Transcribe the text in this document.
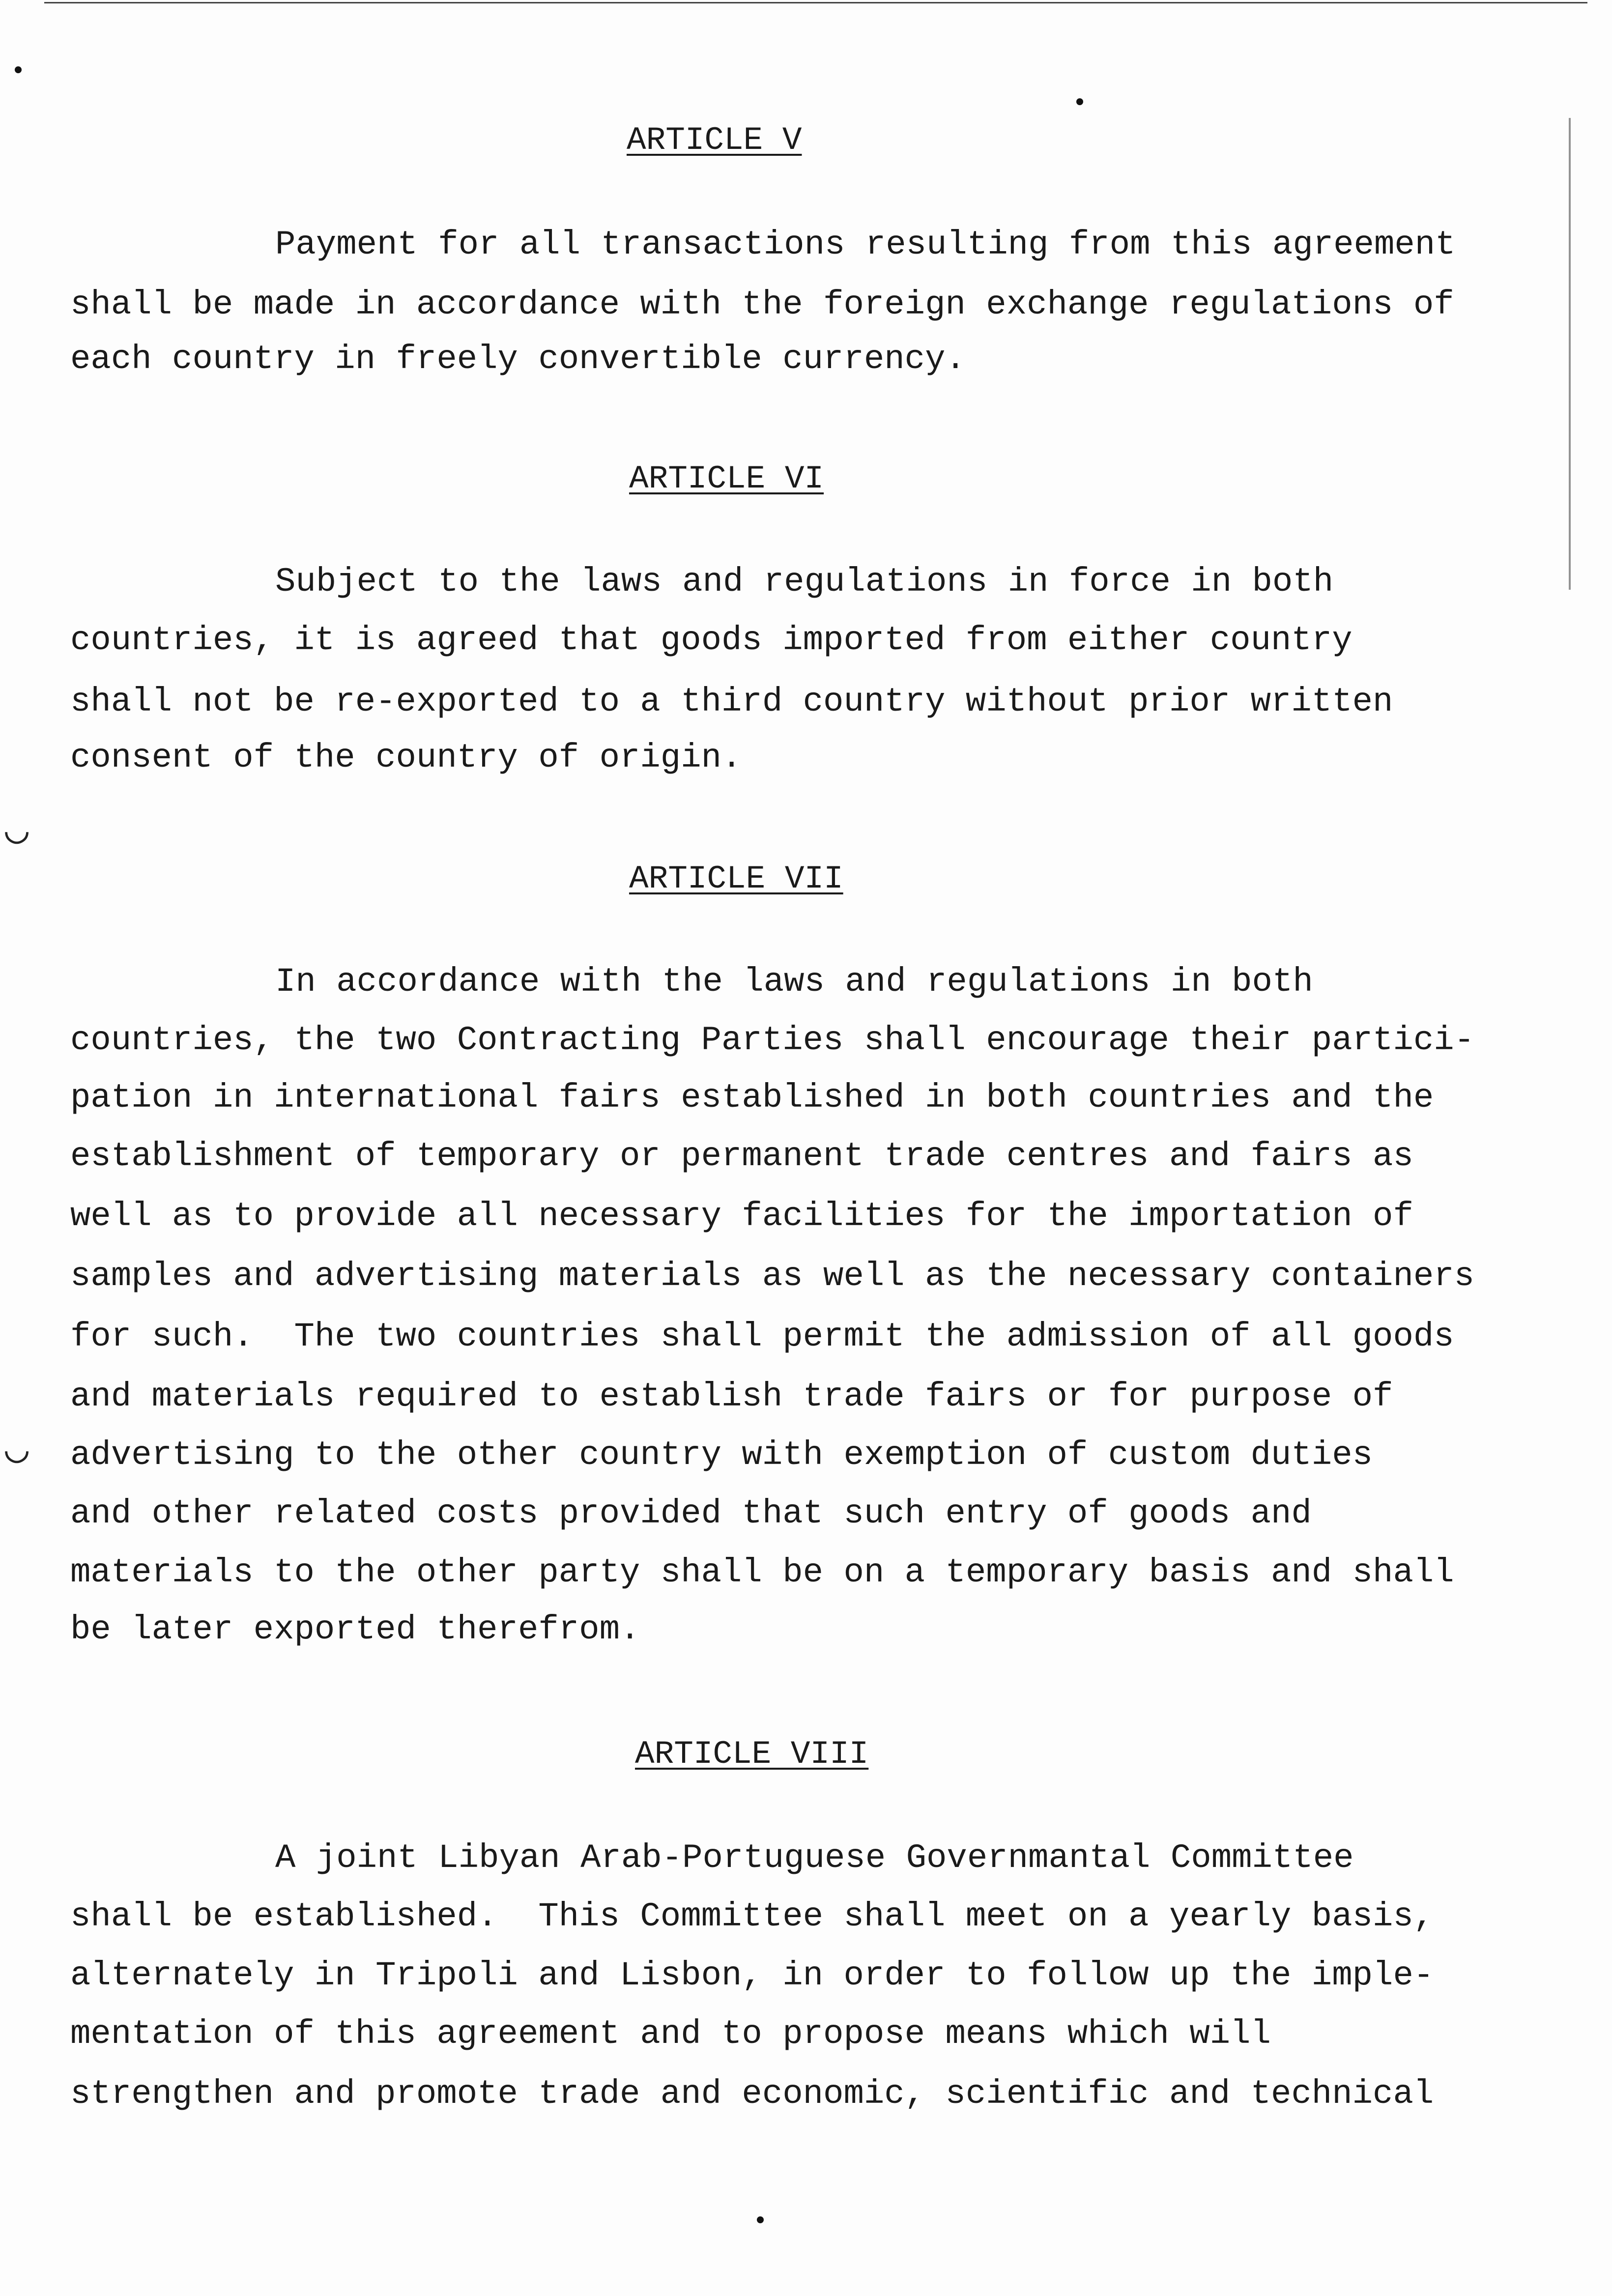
◡
◡
ARTICLE V
Payment for all transactions resulting from this agreement
shall be made in accordance with the foreign exchange regulations of
each country in freely convertible currency.
ARTICLE VI
Subject to the laws and regulations in force in both
countries, it is agreed that goods imported from either country
shall not be re-exported to a third country without prior written
consent of the country of origin.
ARTICLE VII
In accordance with the laws and regulations in both
countries, the two Contracting Parties shall encourage their partici-
pation in international fairs established in both countries and the
establishment of temporary or permanent trade centres and fairs as
well as to provide all necessary facilities for the importation of
samples and advertising materials as well as the necessary containers
for such.  The two countries shall permit the admission of all goods
and materials required to establish trade fairs or for purpose of
advertising to the other country with exemption of custom duties
and other related costs provided that such entry of goods and
materials to the other party shall be on a temporary basis and shall
be later exported therefrom.
ARTICLE VIII
A joint Libyan Arab-Portuguese Governmantal Committee
shall be established.  This Committee shall meet on a yearly basis,
alternately in Tripoli and Lisbon, in order to follow up the imple-
mentation of this agreement and to propose means which will
strengthen and promote trade and economic, scientific and technical
